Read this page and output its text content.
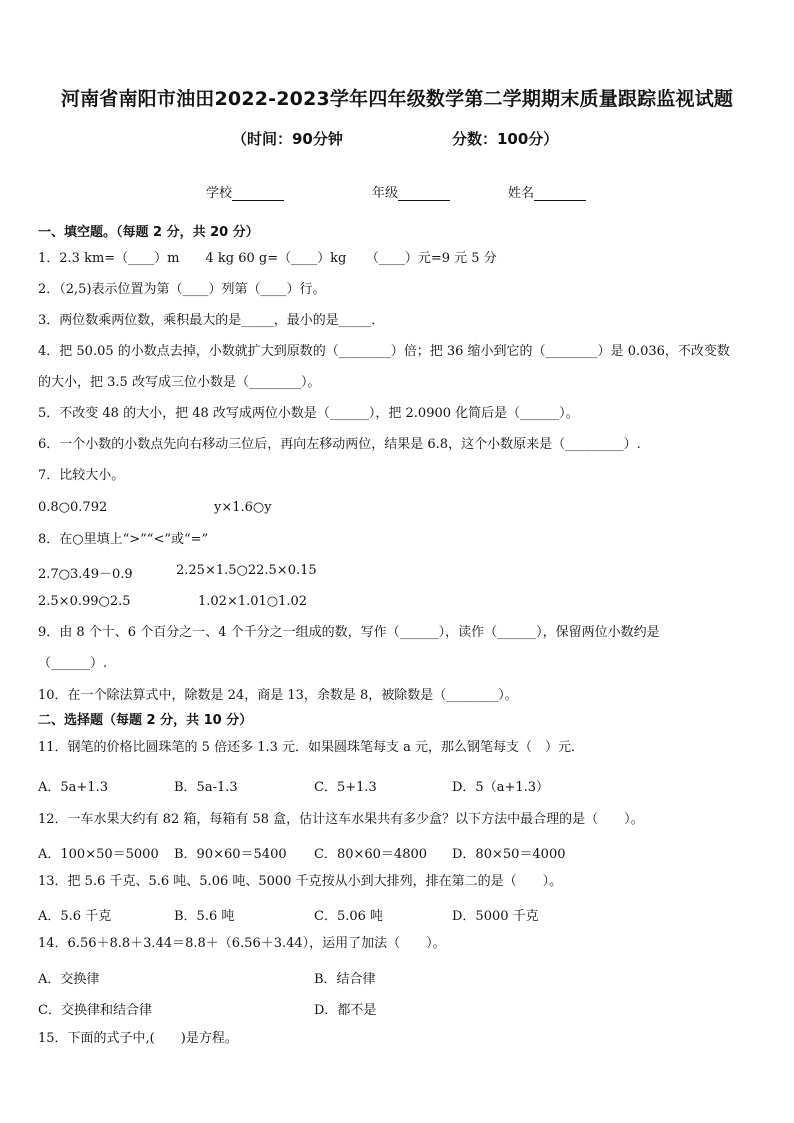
河南省南阳市油田2022-2023学年四年级数学第二学期期末质量跟踪监视试题
（时间：90分钟	分数：100分）
学校	年级	姓名
一、填空题。（每题 2 分，共 20 分）
1．2.3 km=（____）m　　4 kg 60 g=（____）kg　　（____）元=9 元 5 分
2．（2,5)表示位置为第（____）列第（____）行。
3．两位数乘两位数，乘积最大的是_____，最小的是_____．
4．把 50.05 的小数点去掉，小数就扩大到原数的（________）倍；把 36 缩小到它的（________）是 0.036，不改变数
的大小，把 3.5 改写成三位小数是（________）。
5．不改变 48 的大小，把 48 改写成两位小数是（______），把 2.0900 化简后是（______）。
6．一个小数的小数点先向右移动三位后，再向左移动两位，结果是 6.8，这个小数原来是（_________）.
7．比较大小。
0.8○0.792	y×1.6○y
8．在○里填上“>”“<”或“=”
2.7○3.49－0.9	2.25×1.5○22.5×0.15
2.5×0.99○2.5	1.02×1.01○1.02
9．由 8 个十、6 个百分之一、4 个千分之一组成的数，写作（______），读作（______），保留两位小数约是
（______）.
10．在一个除法算式中，除数是 24，商是 13，余数是 8，被除数是（________）。
二、选择题（每题 2 分，共 10 分）
11．钢笔的价格比圆珠笔的 5 倍还多 1.3 元．如果圆珠笔每支 a 元，那么钢笔每支（　）元．
A．5a+1.3	B．5a-1.3	C．5+1.3	D．5（a+1.3）
12．一车水果大约有 82 箱，每箱有 58 盒，估计这车水果共有多少盒？以下方法中最合理的是（　　）。
A．100×50＝5000 B．90×60＝5400 C．80×60＝4800 D．80×50＝4000
13．把 5.6 千克、5.6 吨、5.06 吨、5000 千克按从小到大排列，排在第二的是（　　）。
A．5.6 千克	B．5.6 吨	C．5.06 吨	D．5000 千克
14．6.56＋8.8＋3.44＝8.8＋（6.56＋3.44），运用了加法（　　）。
A．交换律	B．结合律
C．交换律和结合律	D．都不是
15．下面的式子中,(　　)是方程。
